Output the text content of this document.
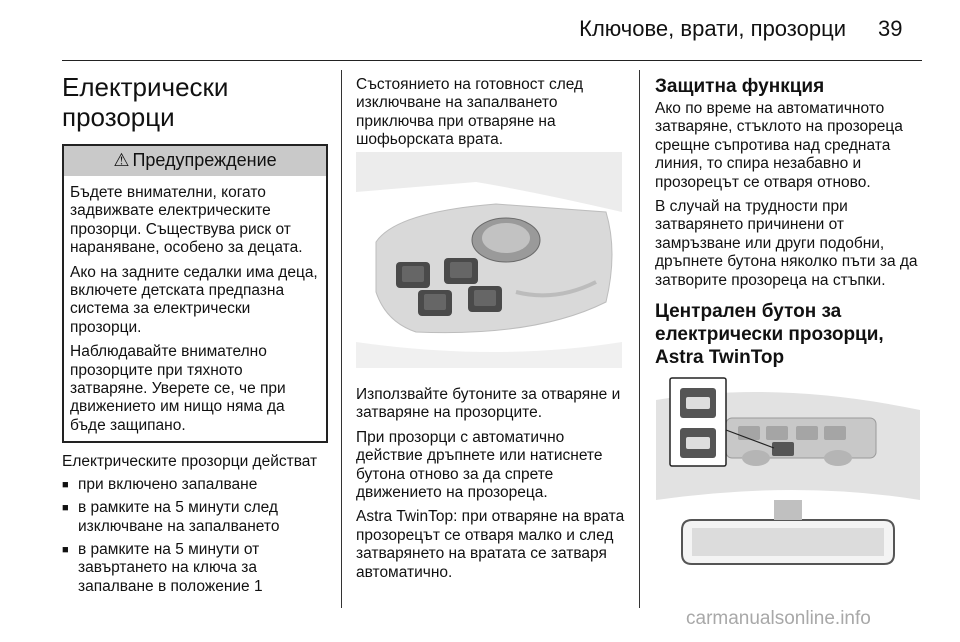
Ключове, врати, прозорци 39
Електрически прозорци
⚠ Предупреждение
Бъдете внимателни, когато задвижвате електрическите прозорци. Съществува риск от нараняване, особено за децата.
Ако на задните седалки има деца, включете детската предпазна система за електрически прозорци.
Наблюдавайте внимателно прозорците при тяхното затваряне. Уверете се, че при движението им нищо няма да бъде защипано.
Електрическите прозорци действат
■ при включено запалване
■ в рамките на 5 минути след изключване на запалването
■ в рамките на 5 минути от завъртането на ключа за запалване в положение 1
Състоянието на готовност след изключване на запалването приключва при отваряне на шофьорската врата.
Използвайте бутоните за отваряне и затваряне на прозорците.
При прозорци с автоматично действие дръпнете или натиснете бутона отново за да спрете движението на прозореца.
Astra TwinTop: при отваряне на врата прозорецът се отваря малко и след затварянето на вратата се затваря автоматично.
Защитна функция
Ако по време на автоматичното затваряне, стъклото на прозореца срещне съпротива над средната линия, то спира незабавно и прозорецът се отваря отново.
В случай на трудности при затварянето причинени от замръзване или други подобни, дръпнете бутона няколко пъти за да затворите прозореца на стъпки.
Централен бутон за електрически прозорци, Astra TwinTop
carmanualsonline.info
